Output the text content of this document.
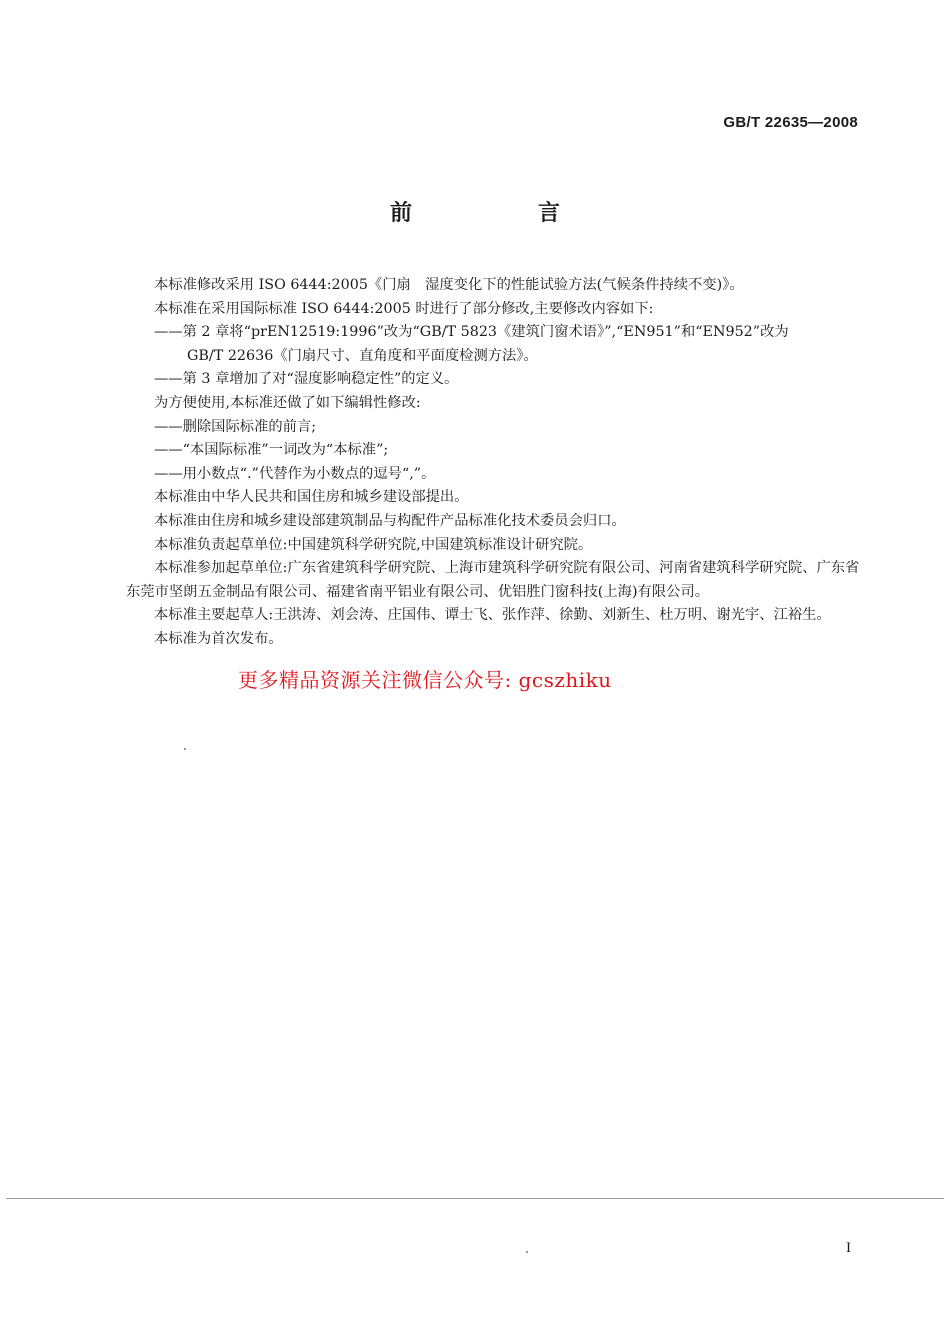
GB/T 22635—2008
前　言

本标准修改采用 ISO 6444:2005《门扇　湿度变化下的性能试验方法(气候条件持续不变)》。

本标准在采用国际标准 ISO 6444:2005 时进行了部分修改,主要修改内容如下:

——第 2 章将“prEN12519:1996”改为“GB/T 5823《建筑门窗术语》”,“EN951”和“EN952”改为

GB/T 22636《门扇尺寸、直角度和平面度检测方法》。

——第 3 章增加了对“湿度影响稳定性”的定义。

为方便使用,本标准还做了如下编辑性修改:

——删除国际标准的前言;

——“本国际标准”一词改为“本标准”;

——用小数点“.”代替作为小数点的逗号“,”。

本标准由中华人民共和国住房和城乡建设部提出。

本标准由住房和城乡建设部建筑制品与构配件产品标准化技术委员会归口。

本标准负责起草单位:中国建筑科学研究院,中国建筑标准设计研究院。

本标准参加起草单位:广东省建筑科学研究院、上海市建筑科学研究院有限公司、河南省建筑科学研究院、广东省东莞市坚朗五金制品有限公司、福建省南平铝业有限公司、优铝胜门窗科技(上海)有限公司。

本标准主要起草人:王洪涛、刘会涛、庄国伟、谭士飞、张作萍、徐勤、刘新生、杜万明、谢光宇、江裕生。

本标准为首次发布。

更多精品资源关注微信公众号: gcszhiku
I
